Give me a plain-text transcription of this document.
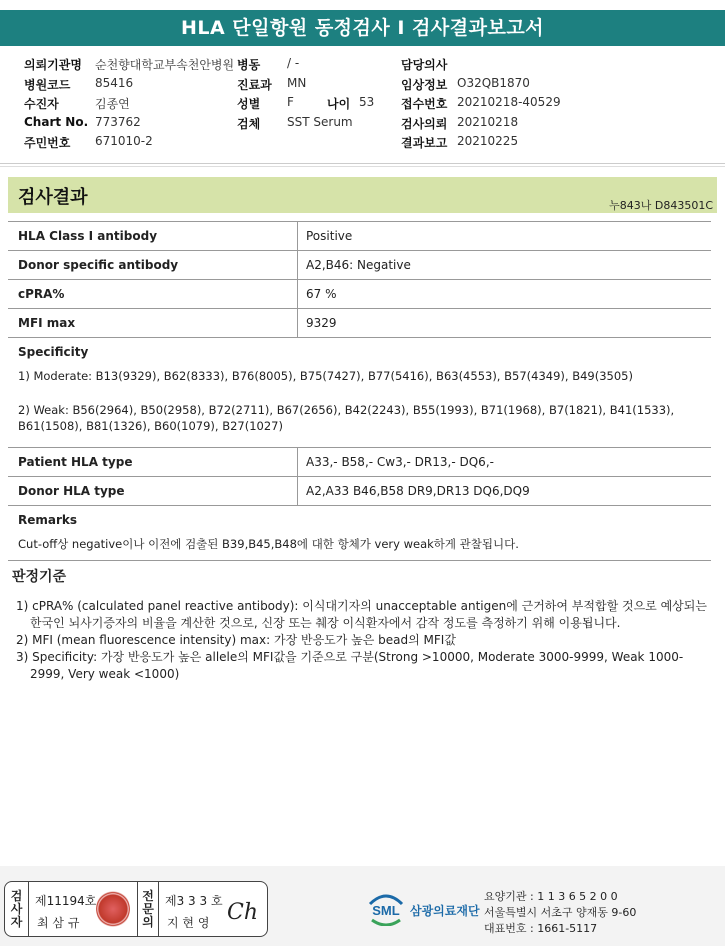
HLA 단일항원 동정검사 I 검사결과보고서
의뢰기관명 순천향대학교부속천안병원 병동 / -	담당의사
병원코드 85416	진료과 MN	임상정보 O32QB1870
수진자	김종연	성별 F	나이 53 접수번호 20210218-40529
Chart No. 773762	검체 SST Serum	검사의뢰 20210218
주민번호 671010-2	결과보고 20210225
검사결과	누843나 D843501C
HLA Class I antibody	Positive
Donor specific antibody	A2,B46: Negative
cPRA%	67 %
MFI max	9329
Specificity
1) Moderate: B13(9329), B62(8333), B76(8005), B75(7427), B77(5416), B63(4553), B57(4349), B49(3505)
2) Weak: B56(2964), B50(2958), B72(2711), B67(2656), B42(2243), B55(1993), B71(1968), B7(1821), B41(1533), B61(1508), B81(1326), B60(1079), B27(1027)
Patient HLA type	A33,- B58,- Cw3,- DR13,- DQ6,-
Donor HLA type	A2,A33 B46,B58 DR9,DR13 DQ6,DQ9
Remarks
Cut-off상 negative이나 이전에 검출된 B39,B45,B48에 대한 항체가 very weak하게 관찰됩니다.
판정기준
1) cPRA% (calculated panel reactive antibody): 이식대기자의 unacceptable antigen에 근거하여 부적합할 것으로 예상되는 한국인 뇌사기증자의 비율을 계산한 것으로, 신장 또는 췌장 이식환자에서 감작 정도를 측정하기 위해 이용됩니다.
2) MFI (mean fluorescence intensity) max: 가장 반응도가 높은 bead의 MFI값
3) Specificity: 가장 반응도가 높은 allele의 MFI값을 기준으로 구분(Strong >10000, Moderate 3000-9999, Weak 1000-2999, Very weak <1000)
검
사
자
제11194호
최 삼 규
전
문
의
제3 3 3 호
지 현 영 Ch	SML 삼광의료재단
요양기관 : 1 1 3 6 5 2 0 0
서울특별시 서초구 양재동 9-60
대표번호 : 1661-5117
